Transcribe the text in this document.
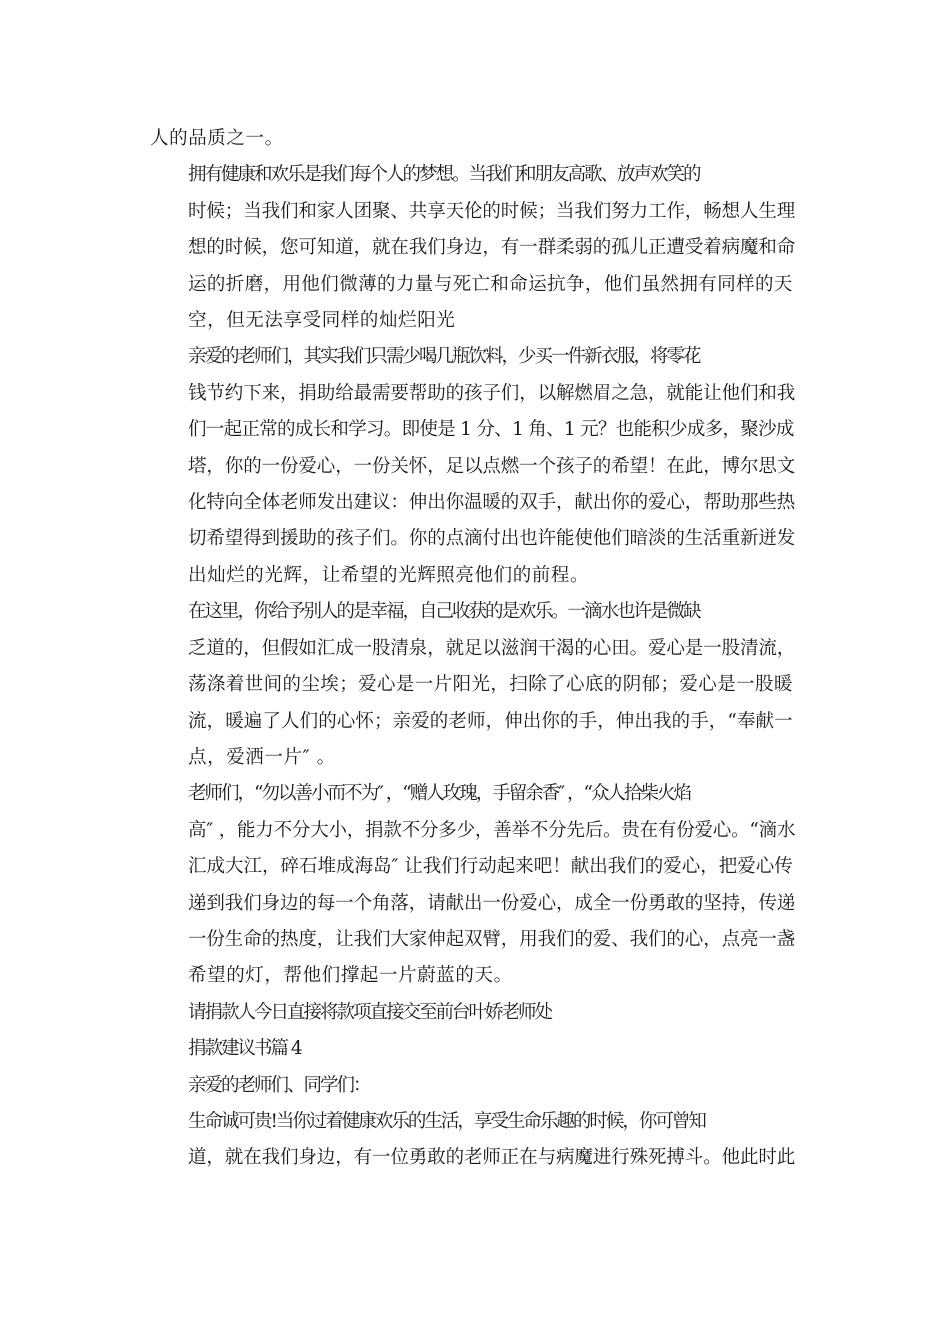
人的品质之一。
拥有健康和欢乐是我们每个人的梦想。当我们和朋友高歌、放声欢笑的
时候；当我们和家人团聚、共享天伦的时候；当我们努力工作，畅想人生理
想的时候，您可知道，就在我们身边，有一群柔弱的孤儿正遭受着病魔和命
运的折磨，用他们微薄的力量与死亡和命运抗争，他们虽然拥有同样的天
空，但无法享受同样的灿烂阳光
亲爱的老师们，其实我们只需少喝几瓶饮料，少买一件新衣服，将零花
钱节约下来，捐助给最需要帮助的孩子们，以解燃眉之急，就能让他们和我
们一起正常的成长和学习。即使是 1 分、1 角、1 元？也能积少成多，聚沙成
塔，你的一份爱心，一份关怀，足以点燃一个孩子的希望！在此，博尔思文
化特向全体老师发出建议：伸出你温暖的双手，献出你的爱心，帮助那些热
切希望得到援助的孩子们。你的点滴付出也许能使他们暗淡的生活重新迸发
出灿烂的光辉，让希望的光辉照亮他们的前程。
在这里，你给予别人的是幸福，自己收获的是欢乐。一滴水也许是微缺
乏道的，但假如汇成一股清泉，就足以滋润干渴的心田。爱心是一股清流，
荡涤着世间的尘埃；爱心是一片阳光，扫除了心底的阴郁；爱心是一股暖
流，暖遍了人们的心怀；亲爱的老师，伸出你的手，伸出我的手，“奉献一
点，爱洒一片″ 。
老师们，“勿以善小而不为″ ，“赠人玫瑰，手留余香″ ，“众人拾柴火焰
高″ ，能力不分大小，捐款不分多少，善举不分先后。贵在有份爱心。“滴水
汇成大江，碎石堆成海岛″ 让我们行动起来吧！献出我们的爱心，把爱心传
递到我们身边的每一个角落，请献出一份爱心，成全一份勇敢的坚持，传递
一份生命的热度，让我们大家伸起双臂，用我们的爱、我们的心，点亮一盏
希望的灯，帮他们撑起一片蔚蓝的天。
请捐款人今日直接将款项直接交至前台叶娇老师处
捐款建议书篇 4
亲爱的老师们、同学们：
生命诚可贵!当你过着健康欢乐的生活，享受生命乐趣的时候，你可曾知
道，就在我们身边，有一位勇敢的老师正在与病魔进行殊死搏斗。他此时此
